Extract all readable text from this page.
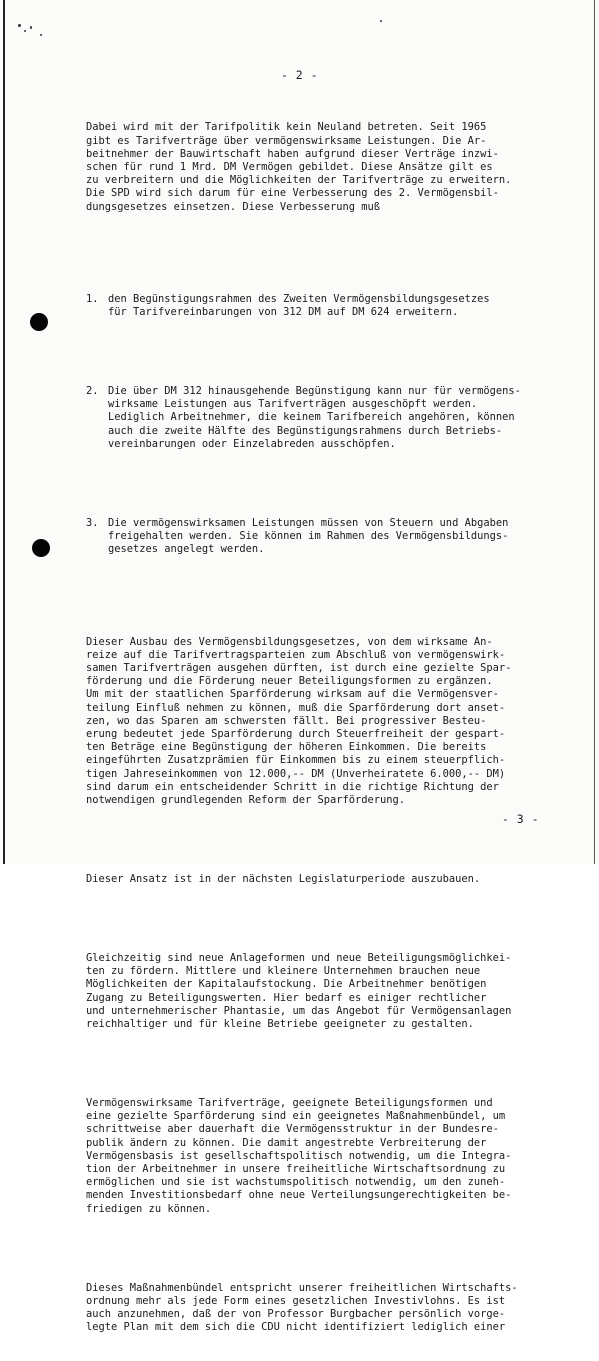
- 2 -

Dabei wird mit der Tarifpolitik kein Neuland betreten. Seit 1965
gibt es Tarifverträge über vermögenswirksame Leistungen. Die Ar-
beitnehmer der Bauwirtschaft haben aufgrund dieser Verträge inzwi-
schen für rund 1 Mrd. DM Vermögen gebildet. Diese Ansätze gilt es
zu verbreitern und die Möglichkeiten der Tarifverträge zu erweitern.
Die SPD wird sich darum für eine Verbesserung des 2. Vermögensbil-
dungsgesetzes einsetzen. Diese Verbesserung muß

1. den Begünstigungsrahmen des Zweiten Vermögensbildungsgesetzes
für Tarifvereinbarungen von 312 DM auf DM 624 erweitern.

2. Die über DM 312 hinausgehende Begünstigung kann nur für vermögens-
wirksame Leistungen aus Tarifverträgen ausgeschöpft werden.
Lediglich Arbeitnehmer, die keinem Tarifbereich angehören, können
auch die zweite Hälfte des Begünstigungsrahmens durch Betriebs-
vereinbarungen oder Einzelabreden ausschöpfen.

3. Die vermögenswirksamen Leistungen müssen von Steuern und Abgaben
freigehalten werden. Sie können im Rahmen des Vermögensbildungs-
gesetzes angelegt werden.

Dieser Ausbau des Vermögensbildungsgesetzes, von dem wirksame An-
reize auf die Tarifvertragsparteien zum Abschluß von vermögenswirk-
samen Tarifverträgen ausgehen dürften, ist durch eine gezielte Spar-
förderung und die Förderung neuer Beteiligungsformen zu ergänzen.
Um mit der staatlichen Sparförderung wirksam auf die Vermögensver-
teilung Einfluß nehmen zu können, muß die Sparförderung dort anset-
zen, wo das Sparen am schwersten fällt. Bei progressiver Besteu-
erung bedeutet jede Sparförderung durch Steuerfreiheit der gespart-
ten Beträge eine Begünstigung der höheren Einkommen. Die bereits
eingeführten Zusatzprämien für Einkommen bis zu einem steuerpflich-
tigen Jahreseinkommen von 12.000,-- DM (Unverheiratete 6.000,-- DM)
sind darum ein entscheidender Schritt in die richtige Richtung der
notwendigen grundlegenden Reform der Sparförderung.

Dieser Ansatz ist in der nächsten Legislaturperiode auszubauen.

Gleichzeitig sind neue Anlageformen und neue Beteiligungsmöglichkei-
ten zu fördern. Mittlere und kleinere Unternehmen brauchen neue
Möglichkeiten der Kapitalaufstockung. Die Arbeitnehmer benötigen
Zugang zu Beteiligungswerten. Hier bedarf es einiger rechtlicher
und unternehmerischer Phantasie, um das Angebot für Vermögensanlagen
reichhaltiger und für kleine Betriebe geeigneter zu gestalten.

Vermögenswirksame Tarifverträge, geeignete Beteiligungsformen und
eine gezielte Sparförderung sind ein geeignetes Maßnahmenbündel, um
schrittweise aber dauerhaft die Vermögensstruktur in der Bundesre-
publik ändern zu können. Die damit angestrebte Verbreiterung der
Vermögensbasis ist gesellschaftspolitisch notwendig, um die Integra-
tion der Arbeitnehmer in unsere freiheitliche Wirtschaftsordnung zu
ermöglichen und sie ist wachstumspolitisch notwendig, um den zuneh-
menden Investitionsbedarf ohne neue Verteilungsungerechtigkeiten be-
friedigen zu können.

Dieses Maßnahmenbündel entspricht unserer freiheitlichen Wirtschafts-
ordnung mehr als jede Form eines gesetzlichen Investivlohns. Es ist
auch anzunehmen, daß der von Professor Burgbacher persönlich vorge-
legte Plan mit dem sich die CDU nicht identifiziert lediglich einer

- 3 -
